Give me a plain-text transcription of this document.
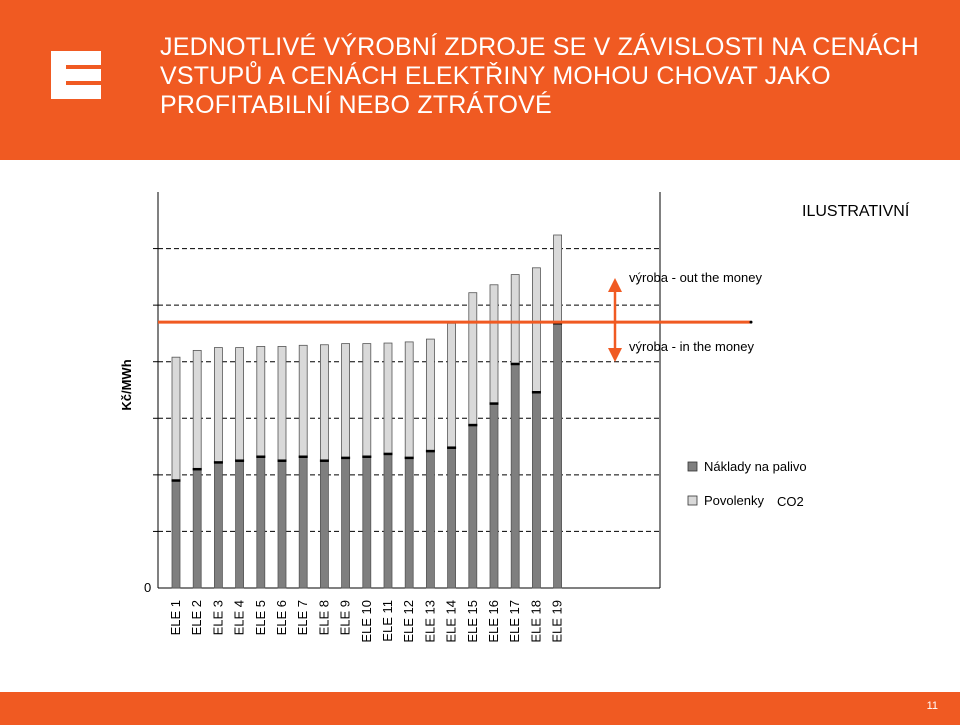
JEDNOTLIVÉ VÝROBNÍ ZDROJE SE V ZÁVISLOSTI NA CENÁCH
VSTUPŮ A CENÁCH ELEKTŘINY MOHOU CHOVAT JAKO
PROFITABILNÍ NEBO ZTRÁTOVÉ
ILUSTRATIVNÍ
0
Kč/MWh
ELE 1 ELE 2 ELE 3 ELE 4 ELE 5 ELE 6 ELE 7 ELE 8 ELE 9 ELE 10 ELE 11 ELE 12 ELE 13 ELE 14 ELE 15 ELE 16 ELE 17 ELE 18 ELE 19
výroba - out the money
výroba - in the money
Náklady na palivo
Povolenky CO2
11
